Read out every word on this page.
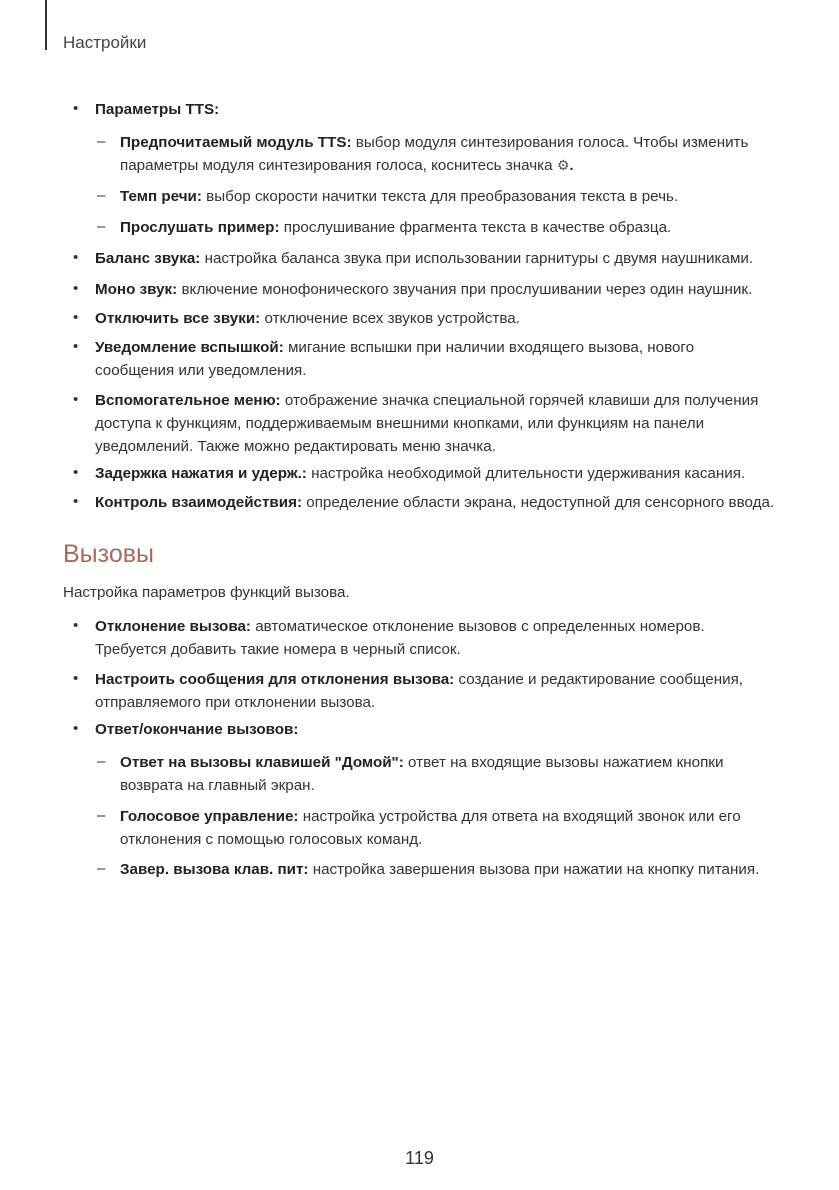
Настройки
• Параметры TTS:
– Предпочитаемый модуль TTS: выбор модуля синтезирования голоса. Чтобы изменить
параметры модуля синтезирования голоса, коснитесь значка ⚙.
– Темп речи: выбор скорости начитки текста для преобразования текста в речь.
– Прослушать пример: прослушивание фрагмента текста в качестве образца.
• Баланс звука: настройка баланса звука при использовании гарнитуры с двумя наушниками.
• Моно звук: включение монофонического звучания при прослушивании через один наушник.
• Отключить все звуки: отключение всех звуков устройства.
• Уведомление вспышкой: мигание вспышки при наличии входящего вызова, нового
сообщения или уведомления.
• Вспомогательное меню: отображение значка специальной горячей клавиши для получения
доступа к функциям, поддерживаемым внешними кнопками, или функциям на панели
уведомлений. Также можно редактировать меню значка.
• Задержка нажатия и удерж.: настройка необходимой длительности удерживания касания.
• Контроль взаимодействия: определение области экрана, недоступной для сенсорного ввода.
Вызовы
Настройка параметров функций вызова.
• Отклонение вызова: автоматическое отклонение вызовов с определенных номеров.
Требуется добавить такие номера в черный список.
• Настроить сообщения для отклонения вызова: создание и редактирование сообщения,
отправляемого при отклонении вызова.
• Ответ/окончание вызовов:
– Ответ на вызовы клавишей "Домой": ответ на входящие вызовы нажатием кнопки
возврата на главный экран.
– Голосовое управление: настройка устройства для ответа на входящий звонок или его
отклонения с помощью голосовых команд.
– Завер. вызова клав. пит: настройка завершения вызова при нажатии на кнопку питания.
119
